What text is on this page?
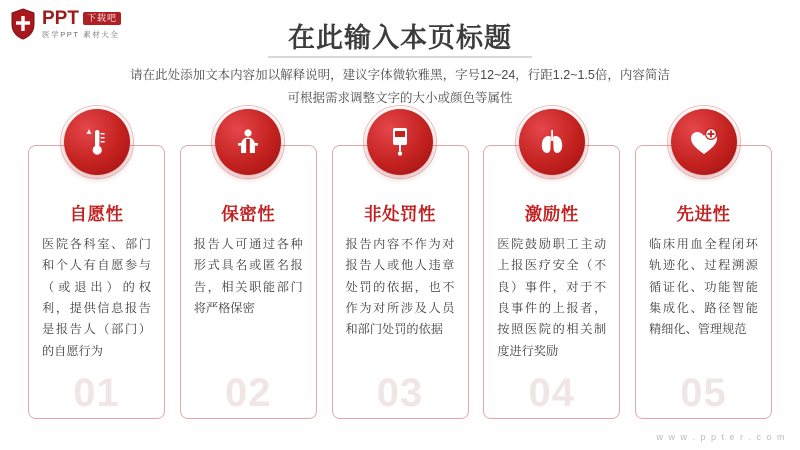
PPT 下载吧
医学PPT 素材大全	在此输入本页标题
请在此处添加文本内容加以解释说明，建议字体微软雅黑，字号12~24，行距1.2~1.5倍，内容简洁
可根据需求调整文字的大小或颜色等属性
自愿性
医院各科室、部门和个人有自愿参与（或退出）的权利，提供信息报告是报告人（部门）的自愿行为
01
保密性
报告人可通过各种形式具名或匿名报告，相关职能部门将严格保密
02
非处罚性
报告内容不作为对报告人或他人违章处罚的依据，也不作为对所涉及人员和部门处罚的依据
03
激励性
医院鼓励职工主动上报医疗安全（不良）事件，对于不良事件的上报者，按照医院的相关制度进行奖励
04
先进性
临床用血全程闭环轨迹化、过程溯源循证化、功能智能集成化、路径智能精细化、管理规范
05
w w w . p p t e r . c o m
